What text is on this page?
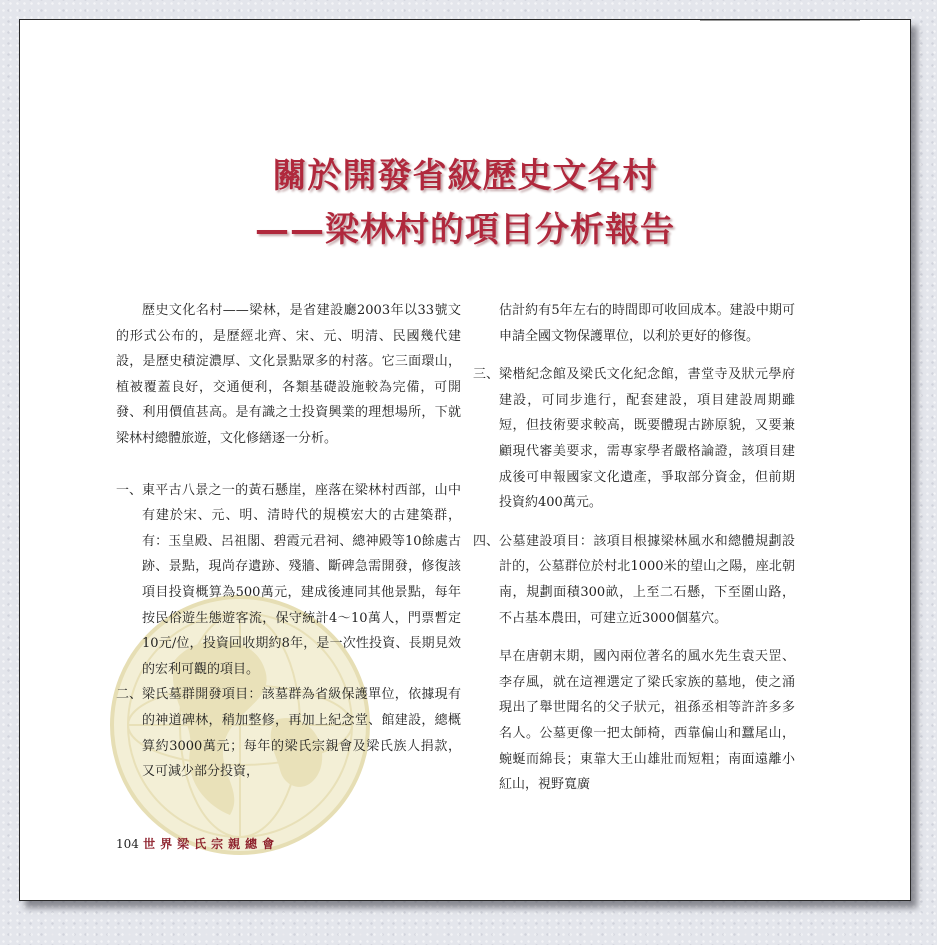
關於開發省級歷史文名村
——梁林村的項目分析報告

歷史文化名村——梁林，是省建設廳2003年以33號文的形式公布的，是歷經北齊、宋、元、明清、民國幾代建設，是歷史積淀濃厚、文化景點眾多的村落。它三面環山，植被覆蓋良好，交通便利，各類基礎設施較為完備，可開發、利用價值甚高。是有識之士投資興業的理想場所，下就梁林村總體旅遊，文化修繕逐一分析。

一、 東平古八景之一的黃石懸崖，座落在梁林村西部，山中有建於宋、元、明、清時代的規模宏大的古建築群，有：玉皇殿、呂祖閣、碧霞元君祠、總神殿等10餘處古跡、景點，現尚存遺跡、殘牆、斷碑急需開發，修復該項目投資概算為500萬元，建成後連同其他景點，每年按民俗遊生態遊客流，保守統計4～10萬人，門票暫定10元/位，投資回收期約8年，是一次性投資、長期見效的宏利可觀的項目。
二、 梁氏墓群開發項目：該墓群為省級保護單位，依據現有的神道碑林，稍加整修，再加上紀念堂、館建設，總概算約3000萬元；每年的梁氏宗親會及梁氏族人捐款，又可減少部分投資，

估計約有5年左右的時間即可收回成本。建設中期可申請全國文物保護單位，以利於更好的修復。

三、 梁楷紀念館及梁氏文化紀念館，書堂寺及狀元學府建設，可同步進行，配套建設，項目建設周期雖短，但技術要求較高，既要體現古跡原貌，又要兼顧現代審美要求，需專家學者嚴格論證，該項目建成後可申報國家文化遺產，爭取部分資金，但前期投資約400萬元。
四、 公墓建設項目：該項目根據梁林風水和總體規劃設計的，公墓群位於村北1000米的望山之陽，座北朝南，規劃面積300畝，上至二石懸，下至圍山路，不占基本農田，可建立近3000個墓穴。

早在唐朝末期，國內兩位著名的風水先生袁天罡、李存風，就在這裡選定了梁氏家族的墓地，使之涌現出了舉世聞名的父子狀元，祖孫丞相等許許多多名人。公墓更像一把太師椅，西靠偏山和蠶尾山，蜿蜒而綿長；東靠大王山雄壯而短粗；南面遠離小紅山，視野寬廣

104 世界梁氏宗親總會
